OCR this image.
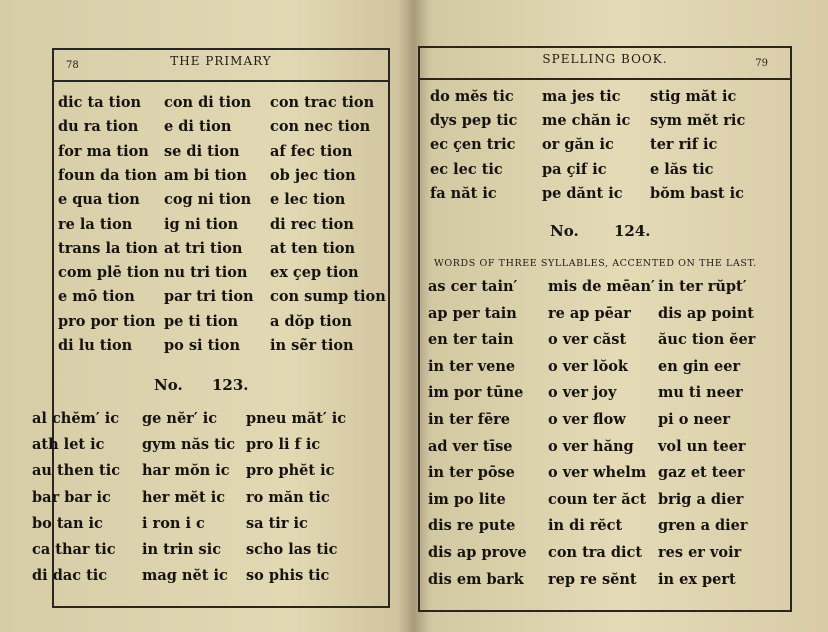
78	THE PRIMARY
dic ta tion
du ra tion
for ma tion
foun da tion
e qua tion
re la tion
trans la tion
com plē tion
e mō tion
pro por tion
di lu tion
con di tion
e di tion
se di tion
am bi tion
cog ni tion
ig ni tion
at tri tion
nu tri tion
par tri tion
pe ti tion
po si tion
con trac tion
con nec tion
af fec tion
ob jec tion
e lec tion
di rec tion
at ten tion
ex çep tion
con sump tion
a dŏp tion
in sẽr tion
No. 123.
al chĕm′ ic
ath let ic
au then tic
bar bar ic
bo tan ic
ca thar tic
di dac tic
ge nĕr′ ic
gym năs tic
har mŏn ic
her mĕt ic
i ron i c
in trin sic
mag nĕt ic
pneu măt′ ic
pro li f ic
pro phĕt ic
ro măn tic
sa tir ic
scho las tic
so phis tic
SPELLING BOOK.	79
do mĕs tic
dys pep tic
ec çen tric
ec lec tic
fa năt ic
ma jes tic
me chăn ic
or găn ic
pa çif ic
pe dănt ic
stig măt ic
sym mĕt ric
ter rif ic
e lăs tic
bŏm bast ic
No. 124.
WORDS OF THREE SYLLABLES, ACCENTED ON THE LAST.
as cer tain′
ap per tain
en ter tain
in ter vene
im por tūne
in ter fēre
ad ver tīse
in ter pōse
im po lite
dis re pute
dis ap prove
dis em bark
mis de mēan′
re ap pēar
o ver căst
o ver lŏok
o ver joy
o ver flow
o ver hăng
o ver whelm
coun ter ăct
in di rĕct
con tra dict
rep re sĕnt
in ter rŭpt′
dis ap point
ăuc tion ĕer
en gin eer
mu ti neer
pi o neer
vol un teer
gaz et teer
brig a dier
gren a dier
res er voir
in ex pert
